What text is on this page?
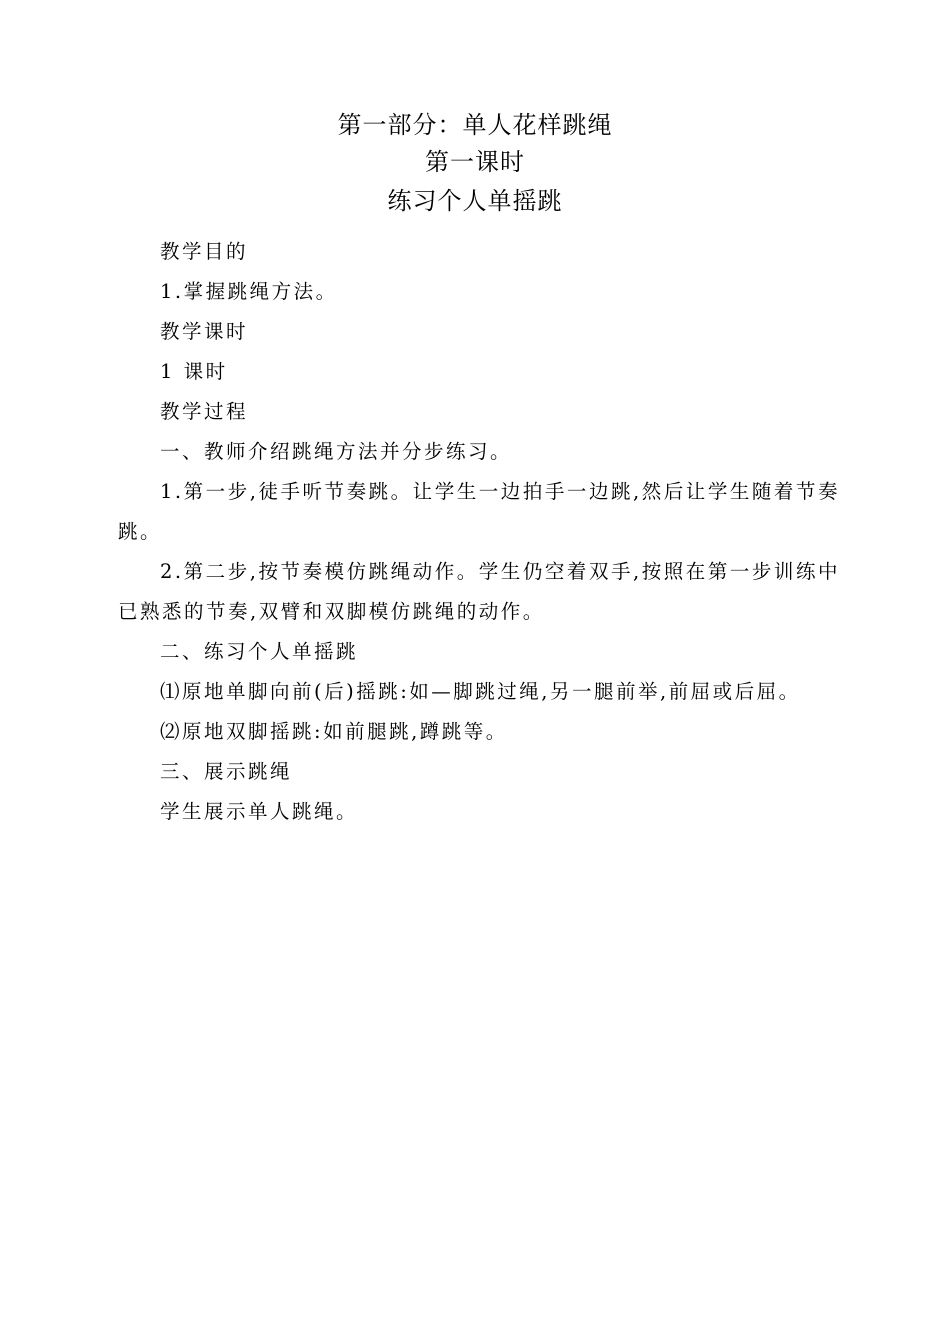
第一部分：单人花样跳绳
第一课时
练习个人单摇跳

教学目的

1.掌握跳绳方法。

教学课时

1 课时

教学过程

一、教师介绍跳绳方法并分步练习。

1.第一步,徒手听节奏跳。让学生一边拍手一边跳,然后让学生随着节奏跳。

2.第二步,按节奏模仿跳绳动作。学生仍空着双手,按照在第一步训练中已熟悉的节奏,双臂和双脚模仿跳绳的动作。

二、练习个人单摇跳

⑴原地单脚向前(后)摇跳:如—脚跳过绳,另一腿前举,前屈或后屈。

⑵原地双脚摇跳:如前腿跳,蹲跳等。

三、展示跳绳

学生展示单人跳绳。
